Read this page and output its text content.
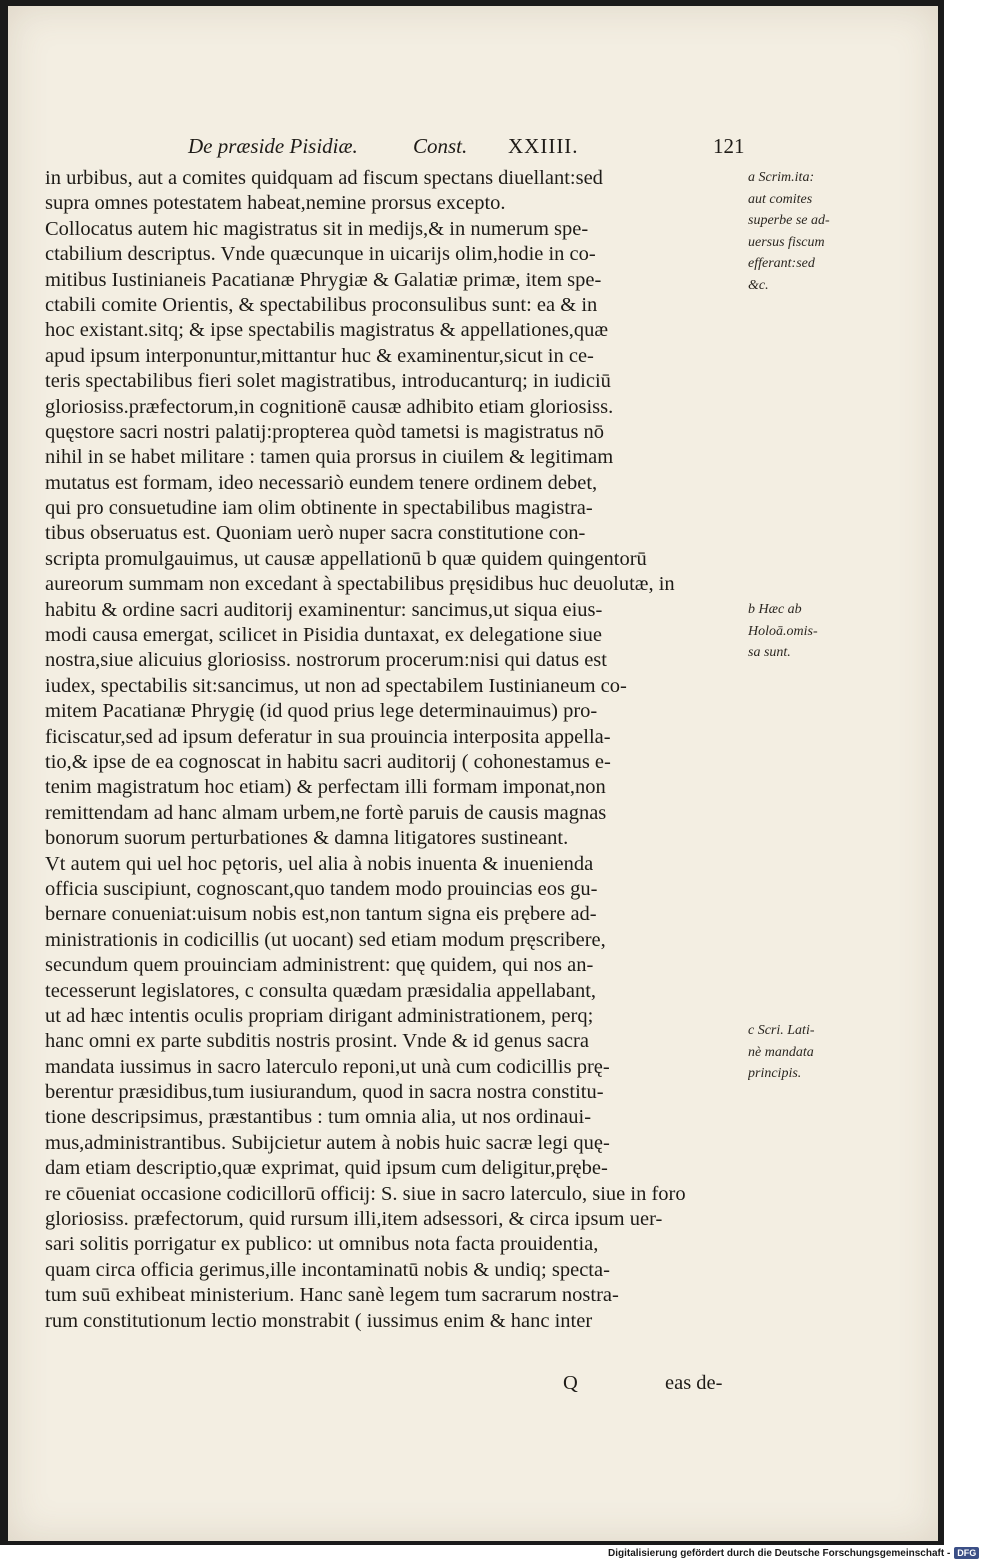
De præside Pisidiæ.	Const. XXIIII.	121
in urbibus, aut a comites quidquam ad fiscum spectans diuellant:sed
supra omnes potestatem habeat,nemine prorsus excepto.
Collocatus autem hic magistratus sit in medijs,& in numerum spe-
ctabilium descriptus. Vnde quæcunque in uicarijs olim,hodie in co-
mitibus Iustinianeis Pacatianæ Phrygiæ & Galatiæ primæ, item spe-
ctabili comite Orientis, & spectabilibus proconsulibus sunt: ea & in
hoc existant.sitq; & ipse spectabilis magistratus & appellationes,quæ
apud ipsum interponuntur,mittantur huc & examinentur,sicut in ce-
teris spectabilibus fieri solet magistratibus, introducanturq; in iudiciū
gloriosiss.præfectorum,in cognitionē causæ adhibito etiam gloriosiss.
quęstore sacri nostri palatij:propterea quòd tametsi is magistratus nō
nihil in se habet militare : tamen quia prorsus in ciuilem & legitimam
mutatus est formam, ideo necessariò eundem tenere ordinem debet,
qui pro consuetudine iam olim obtinente in spectabilibus magistra-
tibus obseruatus est. Quoniam uerò nuper sacra constitutione con-
scripta promulgauimus, ut causæ appellationū b quæ quidem quingentorū
aureorum summam non excedant à spectabilibus pręsidibus huc deuolutæ, in
habitu & ordine sacri auditorij examinentur: sancimus,ut siqua eius-
modi causa emergat, scilicet in Pisidia duntaxat, ex delegatione siue
nostra,siue alicuius gloriosiss. nostrorum procerum:nisi qui datus est
iudex, spectabilis sit:sancimus, ut non ad spectabilem Iustinianeum co-
mitem Pacatianæ Phrygię (id quod prius lege determinauimus) pro-
ficiscatur,sed ad ipsum deferatur in sua prouincia interposita appella-
tio,& ipse de ea cognoscat in habitu sacri auditorij ( cohonestamus e-
tenim magistratum hoc etiam) & perfectam illi formam imponat,non
remittendam ad hanc almam urbem,ne fortè paruis de causis magnas
bonorum suorum perturbationes & damna litigatores sustineant.
Vt autem qui uel hoc pętoris, uel alia à nobis inuenta & inuenienda
officia suscipiunt, cognoscant,quo tandem modo prouincias eos gu-
bernare conueniat:uisum nobis est,non tantum signa eis prębere ad-
ministrationis in codicillis (ut uocant) sed etiam modum pręscribere,
secundum quem prouinciam administrent: quę quidem, qui nos an-
tecesserunt legislatores, c consulta quædam præsidalia appellabant,
ut ad hæc intentis oculis propriam dirigant administrationem, perq;
hanc omni ex parte subditis nostris prosint. Vnde & id genus sacra
mandata iussimus in sacro laterculo reponi,ut unà cum codicillis prę-
berentur præsidibus,tum iusiurandum, quod in sacra nostra constitu-
tione descripsimus, præstantibus : tum omnia alia, ut nos ordinaui-
mus,administrantibus. Subijcietur autem à nobis huic sacræ legi quę-
dam etiam descriptio,quæ exprimat, quid ipsum cum deligitur,prębe-
re cōueniat occasione codicillorū officij: S. siue in sacro laterculo, siue in foro
gloriosiss. præfectorum, quid rursum illi,item adsessori, & circa ipsum uer-
sari solitis porrigatur ex publico: ut omnibus nota facta prouidentia,
quam circa officia gerimus,ille incontaminatū nobis & undiq; specta-
tum suū exhibeat ministerium. Hanc sanè legem tum sacrarum nostra-
rum constitutionum lectio monstrabit ( iussimus enim & hanc inter
Q	eas de-
a Scrim.ita:
aut comites
superbe se ad-
uersus fiscum
efferant:sed
&c.
b Hæc ab
Holoā.omis-
sa sunt.
c Scri. Lati-
nè mandata
principis.
Digitalisierung gefördert durch die Deutsche Forschungsgemeinschaft - DFG
